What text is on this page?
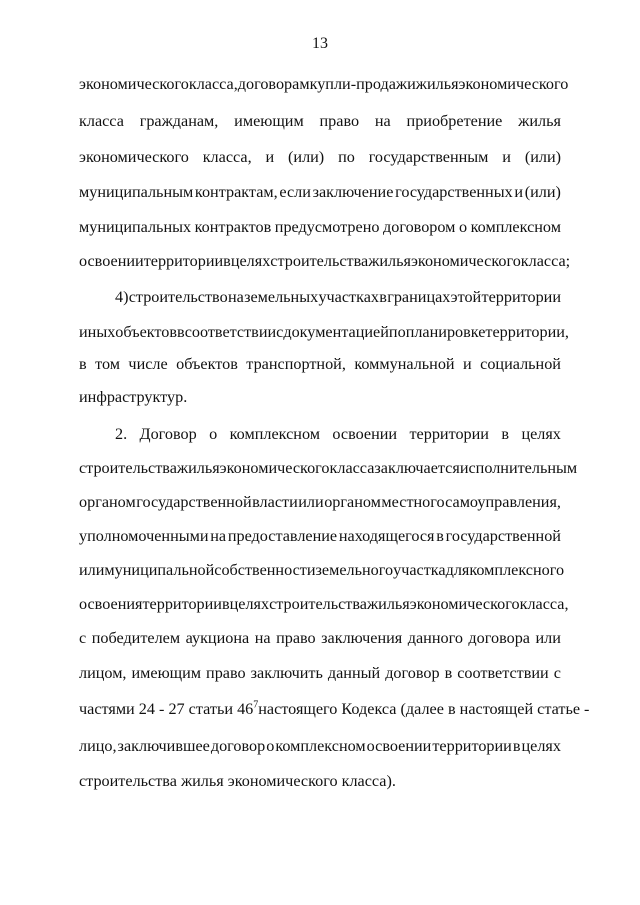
13
экономического класса, договорам купли-продажи жилья экономического
класса гражданам, имеющим право на приобретение жилья
экономического класса, и (или) по государственным и (или)
муниципальным контрактам, если заключение государственных и (или)
муниципальных контрактов предусмотрено договором о комплексном
освоении территории в целях строительства жилья экономического класса;
4) строительство на земельных участках в границах этой территории
иных объектов в соответствии с документацией по планировке территории,
в том числе объектов транспортной, коммунальной и социальной
инфраструктур.
2. Договор о комплексном освоении территории в целях
строительства жилья экономического класса заключается исполнительным
органом государственной власти или органом местного самоуправления,
уполномоченными на предоставление находящегося в государственной
или муниципальной собственности земельного участка для комплексного
освоения территории в целях строительства жилья экономического класса,
с победителем аукциона на право заключения данного договора или
лицом, имеющим право заключить данный договор в соответствии с
частями 24 - 27 статьи $46^7$ настоящего Кодекса (далее в настоящей статье -
лицо, заключившее договор о комплексном освоении территории в целях
строительства жилья экономического класса).
